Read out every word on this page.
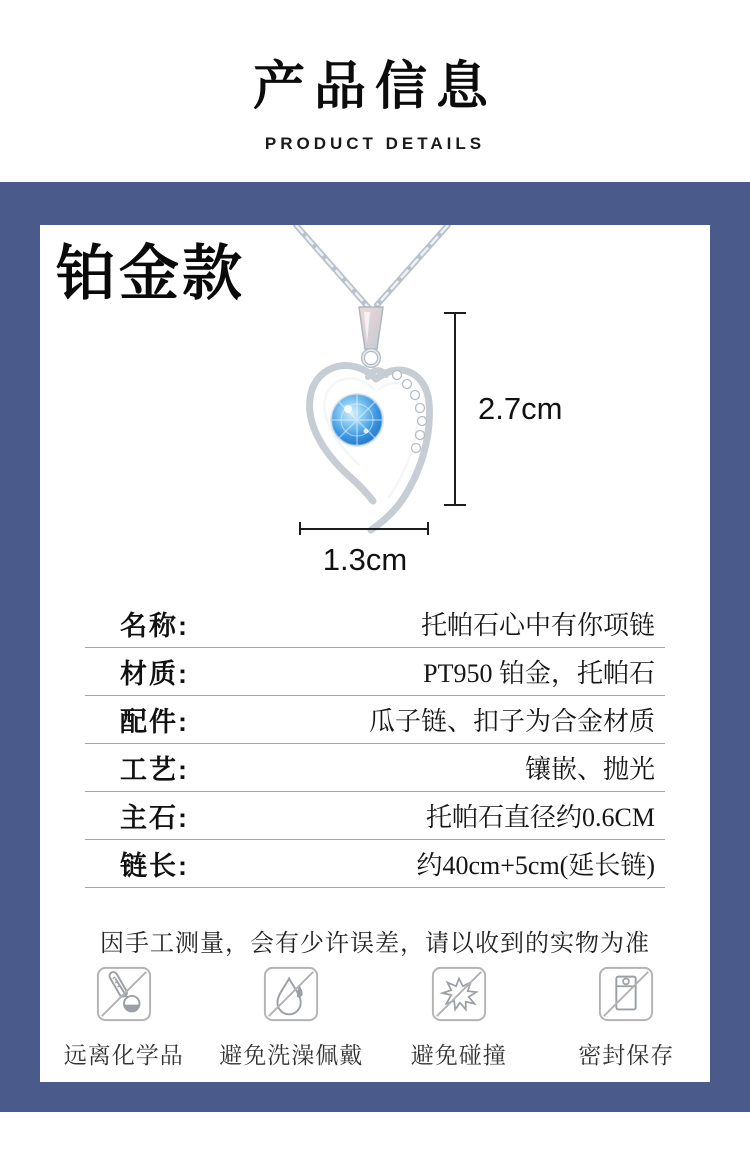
产品信息
PRODUCT DETAILS
铂金款
2.7cm
1.3cm
名称:	托帕石心中有你项链
材质:	PT950 铂金，托帕石
配件:	瓜子链、扣子为合金材质
工艺:	镶嵌、抛光
主石:	托帕石直径约0.6CM
链长:	约40cm+5cm(延长链)
因手工测量，会有少许误差，请以收到的实物为准
远离化学品 避免洗澡佩戴 避免碰撞	密封保存
